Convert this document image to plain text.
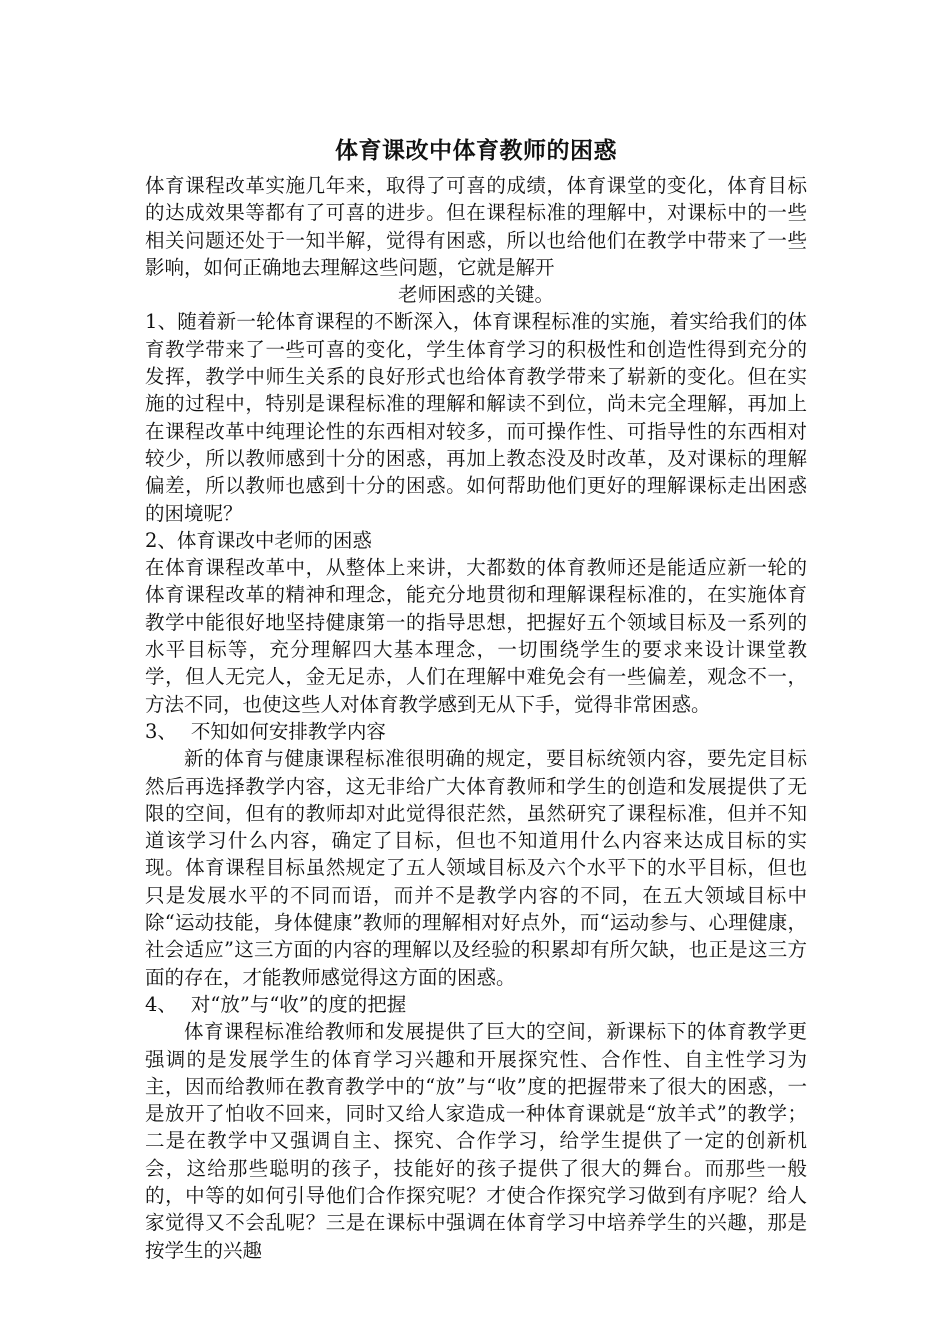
体育课改中体育教师的困惑

体育课程改革实施几年来，取得了可喜的成绩，体育课堂的变化，体育目标的达成效果等都有了可喜的进步。但在课程标准的理解中，对课标中的一些相关问题还处于一知半解，觉得有困惑，所以也给他们在教学中带来了一些影响，如何正确地去理解这些问题，它就是解开

老师困惑的关键。

1、随着新一轮体育课程的不断深入，体育课程标准的实施，着实给我们的体育教学带来了一些可喜的变化，学生体育学习的积极性和创造性得到充分的发挥，教学中师生关系的良好形式也给体育教学带来了崭新的变化。但在实施的过程中，特别是课程标准的理解和解读不到位，尚未完全理解，再加上在课程改革中纯理论性的东西相对较多，而可操作性、可指导性的东西相对较少，所以教师感到十分的困惑，再加上教态没及时改革，及对课标的理解偏差，所以教师也感到十分的困惑。如何帮助他们更好的理解课标走出困惑的困境呢？

2、体育课改中老师的困惑

在体育课程改革中，从整体上来讲，大都数的体育教师还是能适应新一轮的体育课程改革的精神和理念，能充分地贯彻和理解课程标准的，在实施体育教学中能很好地坚持健康第一的指导思想，把握好五个领域目标及一系列的水平目标等，充分理解四大基本理念，一切围绕学生的要求来设计课堂教学，但人无完人，金无足赤，人们在理解中难免会有一些偏差，观念不一，方法不同，也使这些人对体育教学感到无从下手，觉得非常困惑。

3、 不知如何安排教学内容

新的体育与健康课程标准很明确的规定，要目标统领内容，要先定目标然后再选择教学内容，这无非给广大体育教师和学生的创造和发展提供了无限的空间，但有的教师却对此觉得很茫然，虽然研究了课程标准，但并不知道该学习什么内容，确定了目标，但也不知道用什么内容来达成目标的实现。体育课程目标虽然规定了五人领域目标及六个水平下的水平目标，但也只是发展水平的不同而语，而并不是教学内容的不同，在五大领域目标中除“运动技能，身体健康”教师的理解相对好点外，而“运动参与、心理健康，社会适应”这三方面的内容的理解以及经验的积累却有所欠缺，也正是这三方面的存在，才能教师感觉得这方面的困惑。

4、 对“放”与“收”的度的把握

体育课程标准给教师和发展提供了巨大的空间，新课标下的体育教学更强调的是发展学生的体育学习兴趣和开展探究性、合作性、自主性学习为主，因而给教师在教育教学中的“放”与“收”度的把握带来了很大的困惑，一是放开了怕收不回来，同时又给人家造成一种体育课就是“放羊式”的教学；二是在教学中又强调自主、探究、合作学习，给学生提供了一定的创新机会，这给那些聪明的孩子，技能好的孩子提供了很大的舞台。而那些一般的，中等的如何引导他们合作探究呢？才使合作探究学习做到有序呢？给人家觉得又不会乱呢？三是在课标中强调在体育学习中培养学生的兴趣，那是按学生的兴趣
